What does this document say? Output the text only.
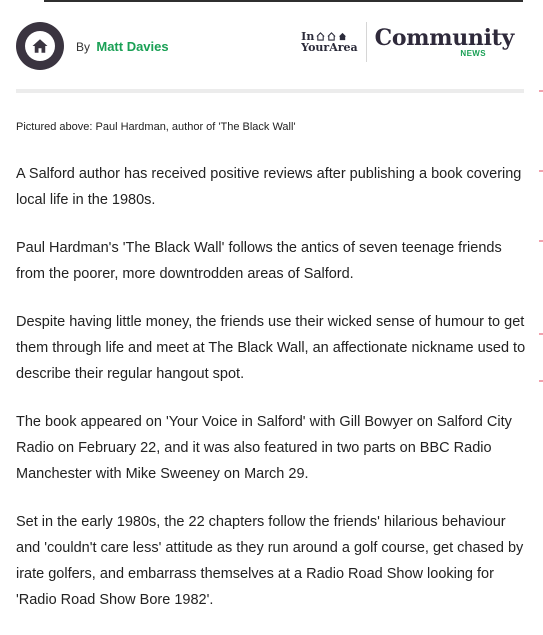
By Matt Davies
In
YourArea Community
NEWS
Pictured above: Paul Hardman, author of 'The Black Wall'

A Salford author has received positive reviews after publishing a book covering local life in the 1980s.

Paul Hardman's 'The Black Wall' follows the antics of seven teenage friends from the poorer, more downtrodden areas of Salford.

Despite having little money, the friends use their wicked sense of humour to get them through life and meet at The Black Wall, an affectionate nickname used to describe their regular hangout spot.

The book appeared on 'Your Voice in Salford' with Gill Bowyer on Salford City Radio on February 22, and it was also featured in two parts on BBC Radio Manchester with Mike Sweeney on March 29.

Set in the early 1980s, the 22 chapters follow the friends' hilarious behaviour and 'couldn't care less' attitude as they run around a golf course, get chased by irate golfers, and embarrass themselves at a Radio Road Show looking for 'Radio Road Show Bore 1982'.
